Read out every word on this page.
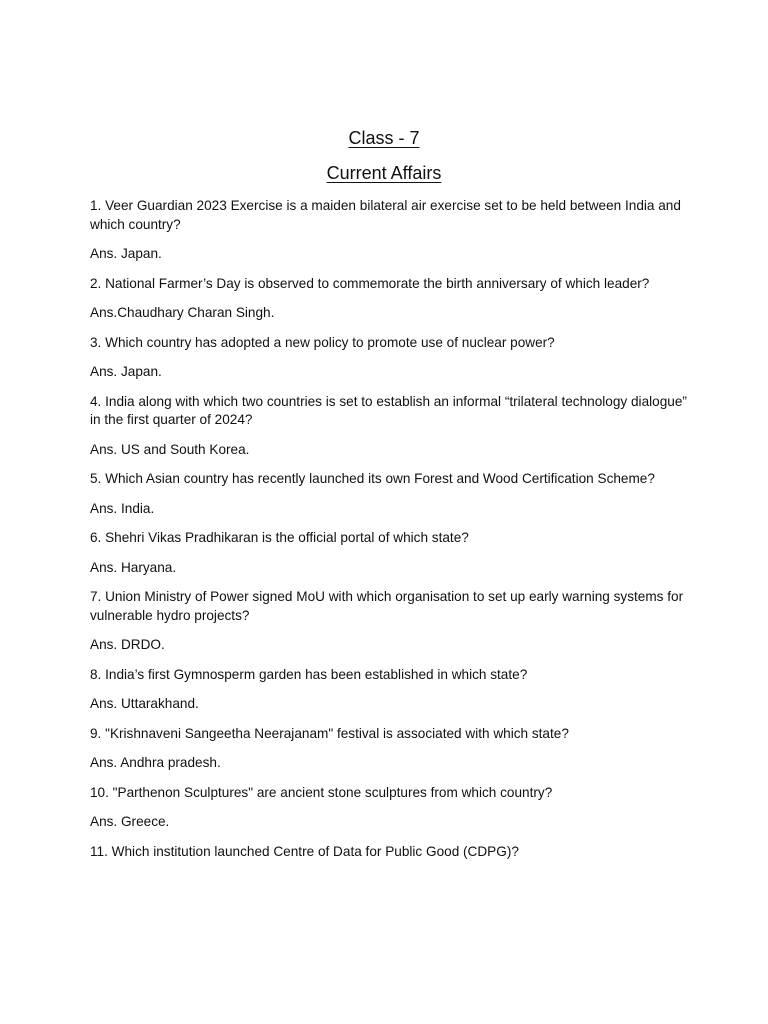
Class - 7
Current Affairs

1. Veer Guardian 2023 Exercise is a maiden bilateral air exercise set to be held between India and which country?

Ans. Japan.

2. National Farmer’s Day is observed to commemorate the birth anniversary of which leader?

Ans.Chaudhary Charan Singh.

3. Which country has adopted a new policy to promote use of nuclear power?

Ans. Japan.

4. India along with which two countries is set to establish an informal “trilateral technology dialogue” in the first quarter of 2024?

Ans. US and South Korea.

5. Which Asian country has recently launched its own Forest and Wood Certification Scheme?

Ans. India.

6. Shehri Vikas Pradhikaran is the official portal of which state?

Ans. Haryana.

7. Union Ministry of Power signed MoU with which organisation to set up early warning systems for vulnerable hydro projects?

Ans. DRDO.

8. India’s first Gymnosperm garden has been established in which state?

Ans. Uttarakhand.

9. "Krishnaveni Sangeetha Neerajanam" festival is associated with which state?

Ans. Andhra pradesh.

10. "Parthenon Sculptures" are ancient stone sculptures from which country?

Ans. Greece.

11. Which institution launched Centre of Data for Public Good (CDPG)?
